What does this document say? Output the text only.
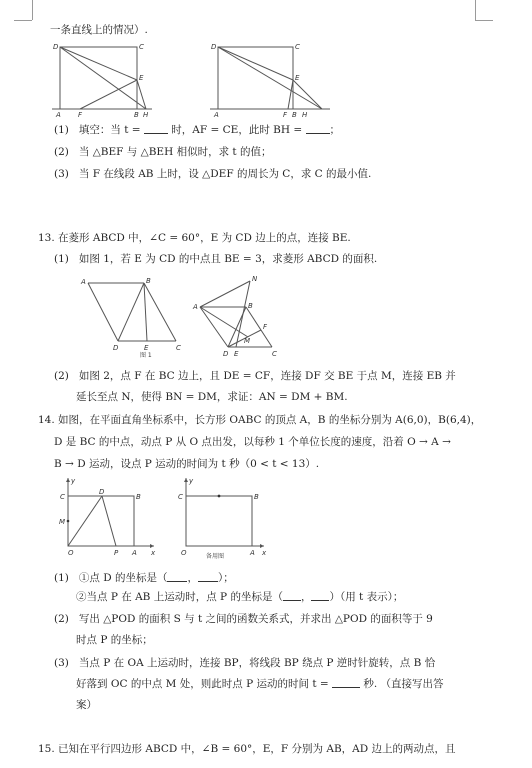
一条直线上的情况）.
D	C
E
A F	B H
D	C
E
A	F B H
(1) 填空：当 t =	时，AF = CE，此时 BH =	；
(2) 当 △BEF 与 △BEH 相似时，求 t 的值；
(3) 当 F 在线段 AB 上时，设 △DEF 的周长为 C，求 C 的最小值.
13. 在菱形 ABCD 中，∠C = 60°，E 为 CD 边上的点，连接 BE.
(1) 如图 1，若 E 为 CD 的中点且 BE = 3，求菱形 ABCD 的面积.
A	B
D	E	C
图 1
N
A	B
F
M
D E	C
(2) 如图 2，点 F 在 BC 边上，且 DE = CF，连接 DF 交 BE 于点 M，连接 EB 并
延长至点 N，使得 BN = DM，求证：AN = DM + BM.
14. 如图，在平面直角坐标系中，长方形 OABC 的顶点 A，B 的坐标分别为 A(6,0)，B(6,4)，
D 是 BC 的中点，动点 P 从 O 点出发，以每秒 1 个单位长度的速度，沿着 O → A →
B → D 运动，设点 P 运动的时间为 t 秒（0 < t < 13）.
y
C
D
B
M
O	P A x
y
C	B
O	A x
备用图
(1) ①点 D 的坐标是（ ， ）；
②当点 P 在 AB 上运动时，点 P 的坐标是（ ， ）（用 t 表示）；
(2) 写出 △POD 的面积 S 与 t 之间的函数关系式，并求出 △POD 的面积等于 9
时点 P 的坐标；
(3) 当点 P 在 OA 上运动时，连接 BP，将线段 BP 绕点 P 逆时针旋转，点 B 恰
好落到 OC 的中点 M 处，则此时点 P 运动的时间 t =	秒. （直接写出答
案）
15. 已知在平行四边形 ABCD 中，∠B = 60°，E，F 分别为 AB，AD 边上的两动点，且
